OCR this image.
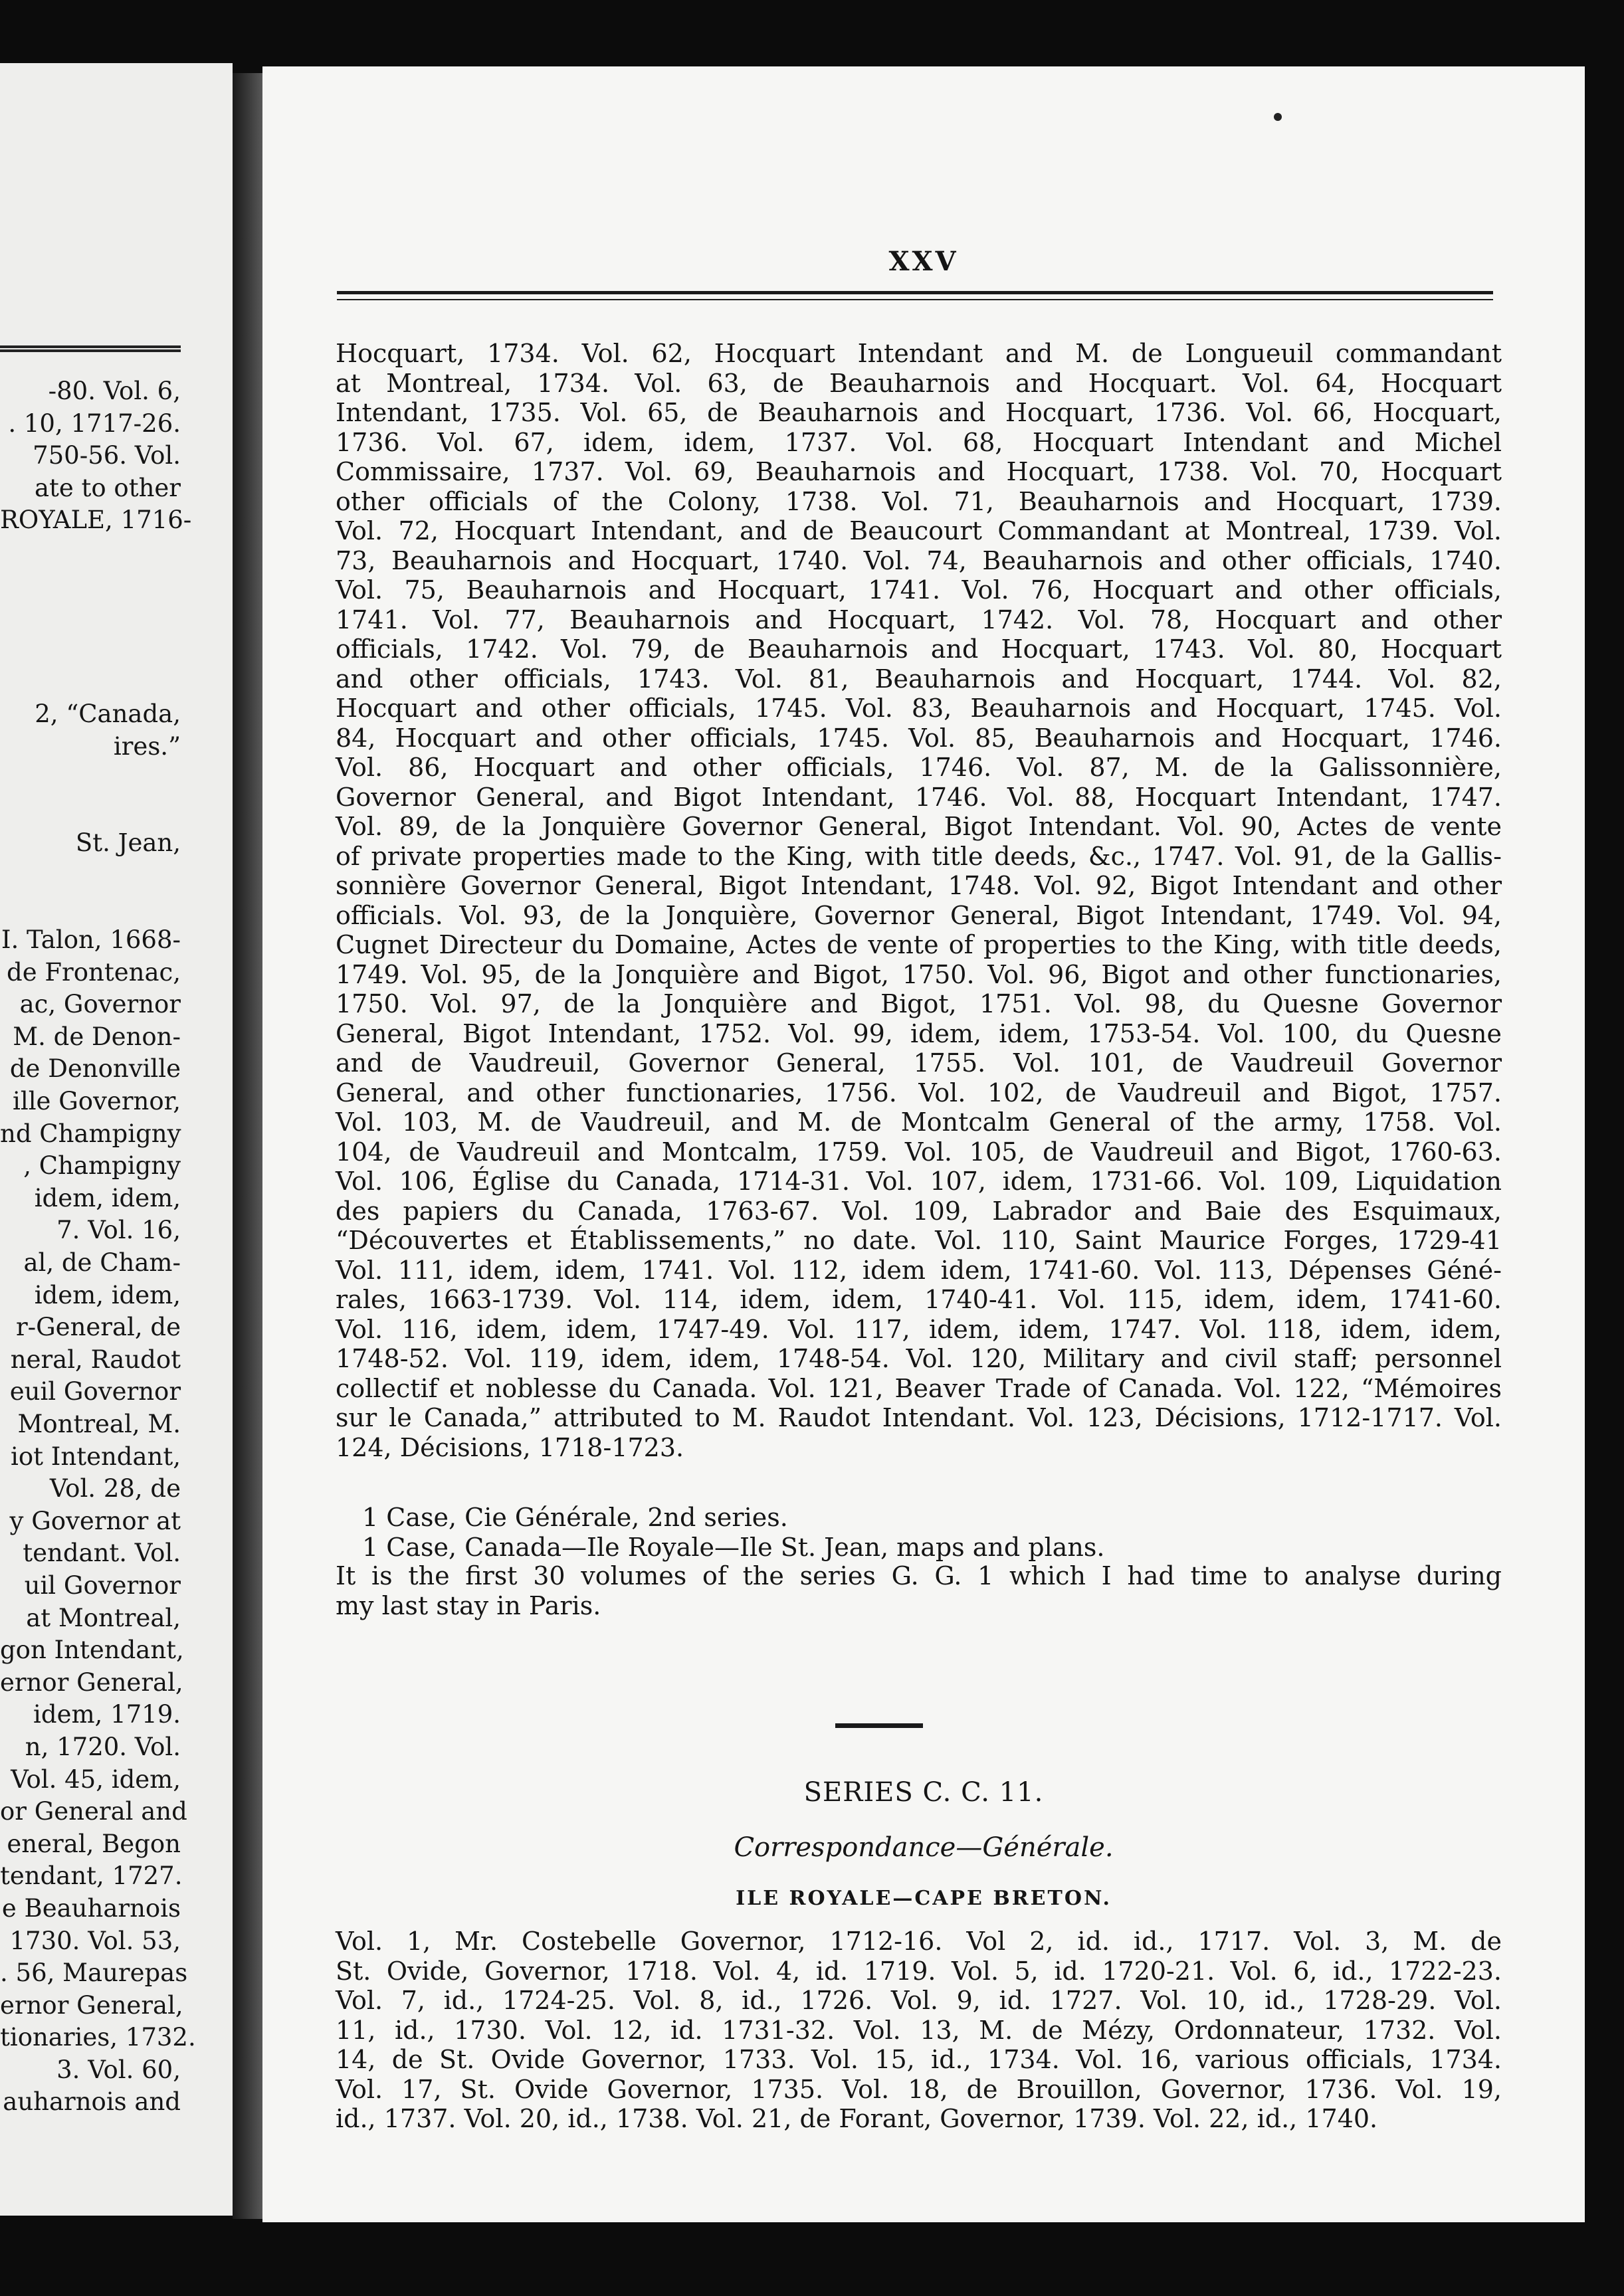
-80. Vol. 6,
. 10, 1717-26.
750-56. Vol.
ate to other
ROYALE, 1716-
2, “Canada,
ires.”
St. Jean,
I. Talon, 1668-
de Frontenac,
ac, Governor
M. de Denon-
de Denonville
ille Governor,
nd Champigny
, Champigny
idem, idem,
7. Vol. 16,
al, de Cham-
idem, idem,
r-General, de
neral, Raudot
euil Governor
Montreal, M.
iot Intendant,
Vol. 28, de
y Governor at
tendant. Vol.
uil Governor
at Montreal,
gon Intendant,
ernor General,
idem, 1719.
n, 1720. Vol.
Vol. 45, idem,
or General and
eneral, Begon
tendant, 1727.
e Beauharnois
1730. Vol. 53,
. 56, Maurepas
ernor General,
tionaries, 1732.
3. Vol. 60,
auharnois and
XXV
Hocquart, 1734. Vol. 62, Hocquart Intendant and M. de Longueuil commandant
at Montreal, 1734. Vol. 63, de Beauharnois and Hocquart. Vol. 64, Hocquart
Intendant, 1735. Vol. 65, de Beauharnois and Hocquart, 1736. Vol. 66, Hocquart,
1736. Vol. 67, idem, idem, 1737. Vol. 68, Hocquart Intendant and Michel
Commissaire, 1737. Vol. 69, Beauharnois and Hocquart, 1738. Vol. 70, Hocquart
other officials of the Colony, 1738. Vol. 71, Beauharnois and Hocquart, 1739.
Vol. 72, Hocquart Intendant, and de Beaucourt Commandant at Montreal, 1739. Vol.
73, Beauharnois and Hocquart, 1740. Vol. 74, Beauharnois and other officials, 1740.
Vol. 75, Beauharnois and Hocquart, 1741. Vol. 76, Hocquart and other officials,
1741. Vol. 77, Beauharnois and Hocquart, 1742. Vol. 78, Hocquart and other
officials, 1742. Vol. 79, de Beauharnois and Hocquart, 1743. Vol. 80, Hocquart
and other officials, 1743. Vol. 81, Beauharnois and Hocquart, 1744. Vol. 82,
Hocquart and other officials, 1745. Vol. 83, Beauharnois and Hocquart, 1745. Vol.
84, Hocquart and other officials, 1745. Vol. 85, Beauharnois and Hocquart, 1746.
Vol. 86, Hocquart and other officials, 1746. Vol. 87, M. de la Galissonnière,
Governor General, and Bigot Intendant, 1746. Vol. 88, Hocquart Intendant, 1747.
Vol. 89, de la Jonquière Governor General, Bigot Intendant. Vol. 90, Actes de vente
of private properties made to the King, with title deeds, &c., 1747. Vol. 91, de la Gallis-
sonnière Governor General, Bigot Intendant, 1748. Vol. 92, Bigot Intendant and other
officials. Vol. 93, de la Jonquière, Governor General, Bigot Intendant, 1749. Vol. 94,
Cugnet Directeur du Domaine, Actes de vente of properties to the King, with title deeds,
1749. Vol. 95, de la Jonquière and Bigot, 1750. Vol. 96, Bigot and other functionaries,
1750. Vol. 97, de la Jonquière and Bigot, 1751. Vol. 98, du Quesne Governor
General, Bigot Intendant, 1752. Vol. 99, idem, idem, 1753-54. Vol. 100, du Quesne
and de Vaudreuil, Governor General, 1755. Vol. 101, de Vaudreuil Governor
General, and other functionaries, 1756. Vol. 102, de Vaudreuil and Bigot, 1757.
Vol. 103, M. de Vaudreuil, and M. de Montcalm General of the army, 1758. Vol.
104, de Vaudreuil and Montcalm, 1759. Vol. 105, de Vaudreuil and Bigot, 1760-63.
Vol. 106, Église du Canada, 1714-31. Vol. 107, idem, 1731-66. Vol. 109, Liquidation
des papiers du Canada, 1763-67. Vol. 109, Labrador and Baie des Esquimaux,
“Découvertes et Établissements,” no date. Vol. 110, Saint Maurice Forges, 1729-41
Vol. 111, idem, idem, 1741. Vol. 112, idem idem, 1741-60. Vol. 113, Dépenses Géné-
rales, 1663-1739. Vol. 114, idem, idem, 1740-41. Vol. 115, idem, idem, 1741-60.
Vol. 116, idem, idem, 1747-49. Vol. 117, idem, idem, 1747. Vol. 118, idem, idem,
1748-52. Vol. 119, idem, idem, 1748-54. Vol. 120, Military and civil staff; personnel
collectif et noblesse du Canada. Vol. 121, Beaver Trade of Canada. Vol. 122, “Mémoires
sur le Canada,” attributed to M. Raudot Intendant. Vol. 123, Décisions, 1712-1717. Vol.
124, Décisions, 1718-1723.
1 Case, Cie Générale, 2nd series.
1 Case, Canada—Ile Royale—Ile St. Jean, maps and plans.
It is the first 30 volumes of the series G. G. 1 which I had time to analyse during
my last stay in Paris.
SERIES C. C. 11.
Correspondance—Générale.
ILE ROYALE—CAPE BRETON.
Vol. 1, Mr. Costebelle Governor, 1712-16. Vol 2, id. id., 1717. Vol. 3, M. de
St. Ovide, Governor, 1718. Vol. 4, id. 1719. Vol. 5, id. 1720-21. Vol. 6, id., 1722-23.
Vol. 7, id., 1724-25. Vol. 8, id., 1726. Vol. 9, id. 1727. Vol. 10, id., 1728-29. Vol.
11, id., 1730. Vol. 12, id. 1731-32. Vol. 13, M. de Mézy, Ordonnateur, 1732. Vol.
14, de St. Ovide Governor, 1733. Vol. 15, id., 1734. Vol. 16, various officials, 1734.
Vol. 17, St. Ovide Governor, 1735. Vol. 18, de Brouillon, Governor, 1736. Vol. 19,
id., 1737. Vol. 20, id., 1738. Vol. 21, de Forant, Governor, 1739. Vol. 22, id., 1740.
